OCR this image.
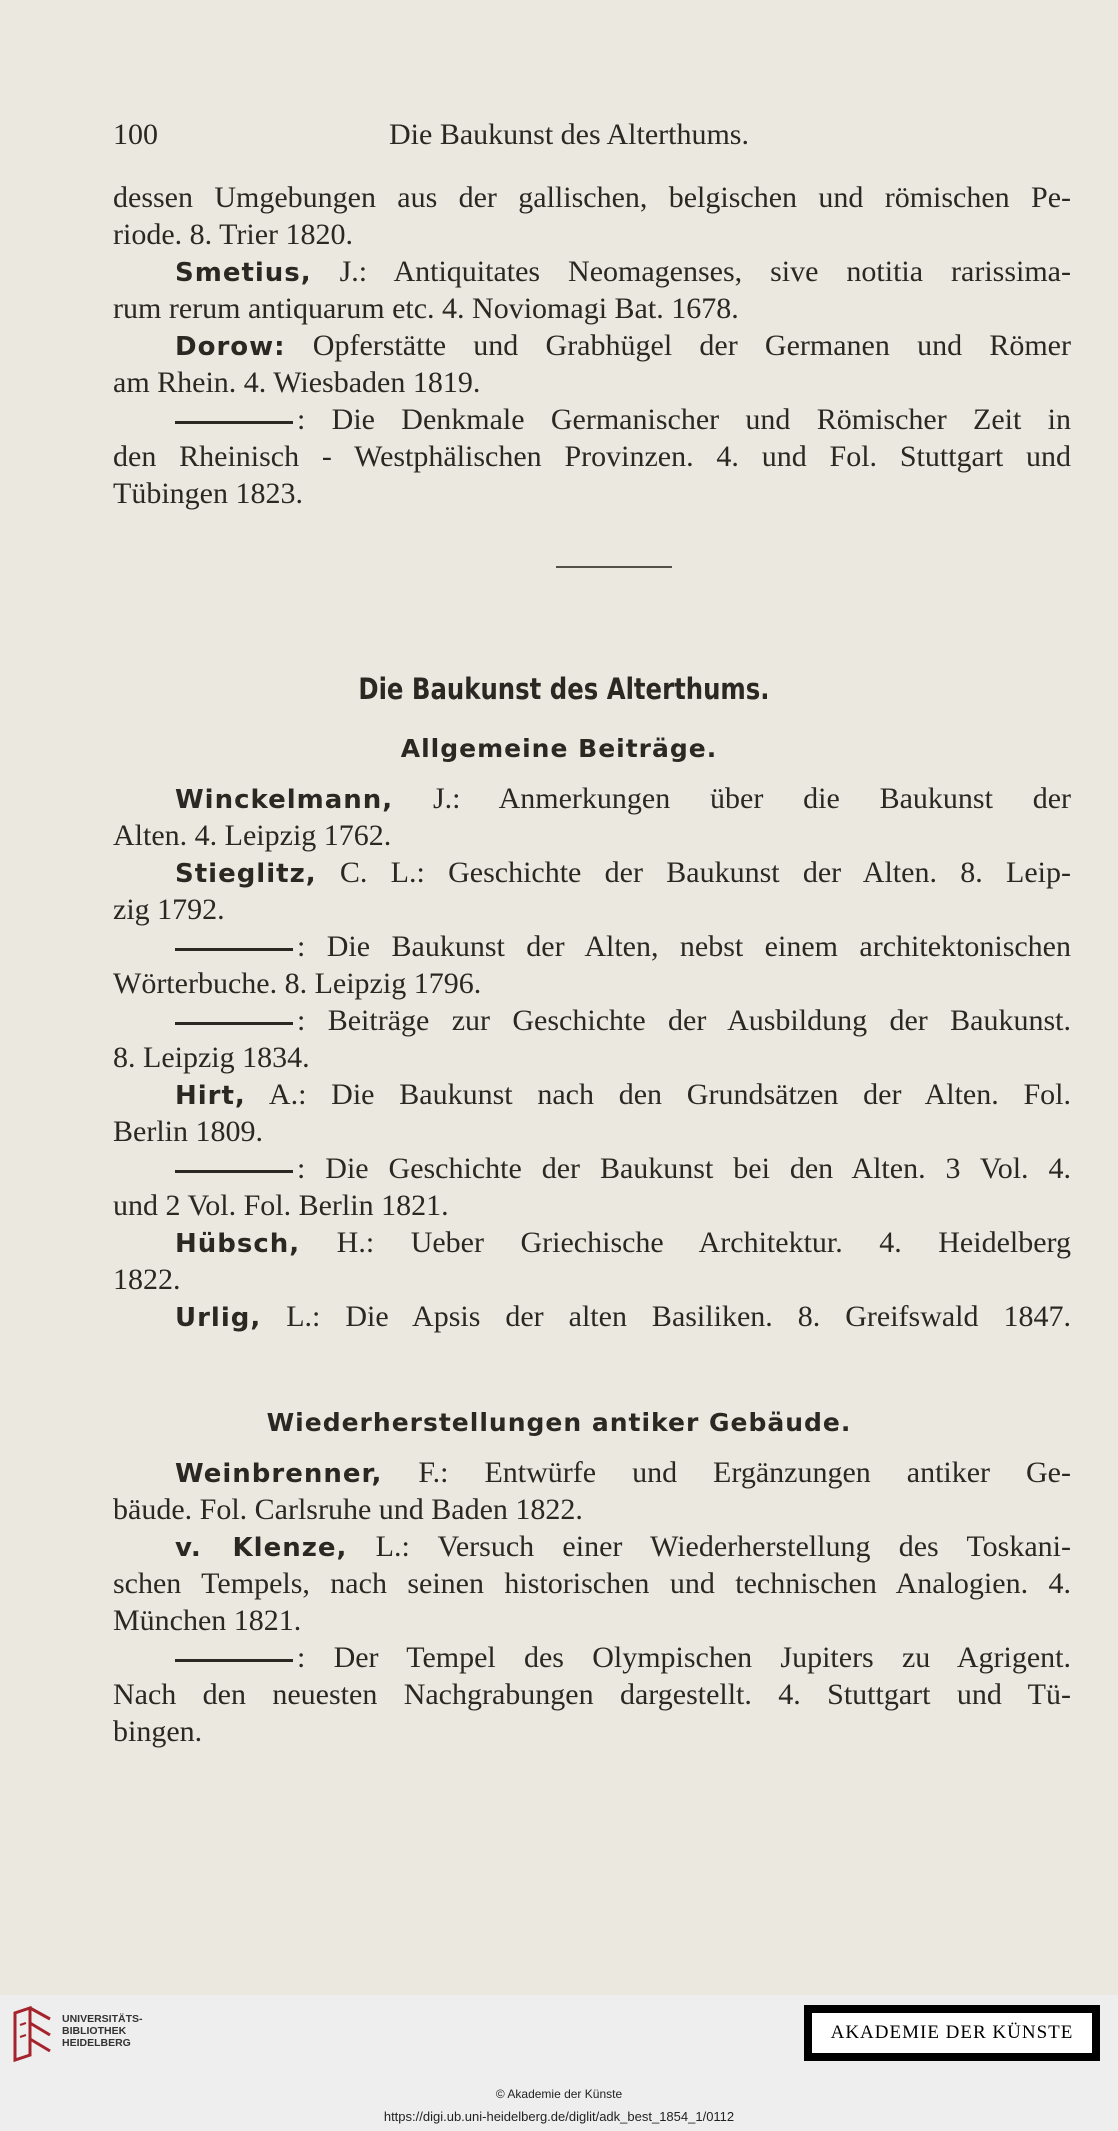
100	Die Baukunst des Alterthums.
dessen Umgebungen aus der gallischen, belgischen und römischen Pe-
riode. 8. Trier 1820.
Smetius, J.: Antiquitates Neomagenses, sive notitia rarissima-
rum rerum antiquarum etc. 4. Noviomagi Bat. 1678.
Dorow: Opferstätte und Grabhügel der Germanen und Römer
am Rhein. 4. Wiesbaden 1819.
: Die Denkmale Germanischer und Römischer Zeit in
den Rheinisch - Westphälischen Provinzen. 4. und Fol. Stuttgart und
Tübingen 1823.
Die Baukunst des Alterthums.
Allgemeine Beiträge.
Winckelmann, J.: Anmerkungen über die Baukunst der
Alten. 4. Leipzig 1762.
Stieglitz, C. L.: Geschichte der Baukunst der Alten. 8. Leip-
zig 1792.
: Die Baukunst der Alten, nebst einem architektonischen
Wörterbuche. 8. Leipzig 1796.
: Beiträge zur Geschichte der Ausbildung der Baukunst.
8. Leipzig 1834.
Hirt, A.: Die Baukunst nach den Grundsätzen der Alten. Fol.
Berlin 1809.
: Die Geschichte der Baukunst bei den Alten. 3 Vol. 4.
und 2 Vol. Fol. Berlin 1821.
Hübsch, H.: Ueber Griechische Architektur. 4. Heidelberg
1822.
Urlig, L.: Die Apsis der alten Basiliken. 8. Greifswald 1847.
Wiederherstellungen antiker Gebäude.
Weinbrenner, F.: Entwürfe und Ergänzungen antiker Ge-
bäude. Fol. Carlsruhe und Baden 1822.
v. Klenze, L.: Versuch einer Wiederherstellung des Toskani-
schen Tempels, nach seinen historischen und technischen Analogien. 4.
München 1821.
: Der Tempel des Olympischen Jupiters zu Agrigent.
Nach den neuesten Nachgrabungen dargestellt. 4. Stuttgart und Tü-
bingen.
UNIVERSITÄTS-
BIBLIOTHEK
HEIDELBERG	AKADEMIE DER KÜNSTE
© Akademie der Künste
https://digi.ub.uni-heidelberg.de/diglit/adk_best_1854_1/0112
